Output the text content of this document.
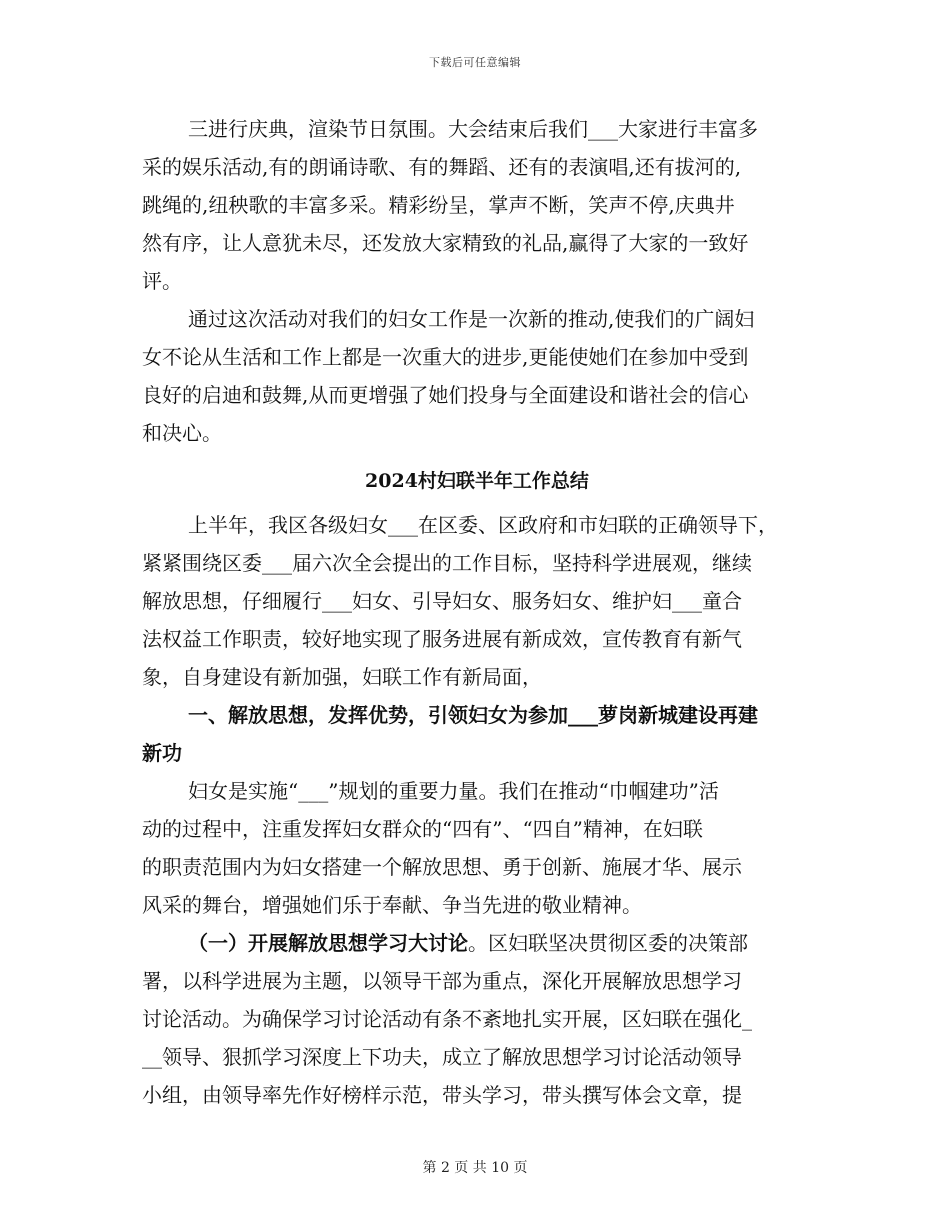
下载后可任意编辑
三进行庆典，渲染节日氛围。大会结束后我们___大家进行丰富多
采的娱乐活动,有的朗诵诗歌、有的舞蹈、还有的表演唱,还有拔河的,
跳绳的,纽秧歌的丰富多采。精彩纷呈，掌声不断，笑声不停,庆典井
然有序，让人意犹未尽，还发放大家精致的礼品,赢得了大家的一致好
评。
通过这次活动对我们的妇女工作是一次新的推动,使我们的广阔妇
女不论从生活和工作上都是一次重大的进步,更能使她们在参加中受到
良好的启迪和鼓舞,从而更增强了她们投身与全面建设和谐社会的信心
和决心。
2024村妇联半年工作总结
上半年，我区各级妇女___在区委、区政府和市妇联的正确领导下，
紧紧围绕区委___届六次全会提出的工作目标，坚持科学进展观，继续
解放思想，仔细履行___妇女、引导妇女、服务妇女、维护妇___童合
法权益工作职责，较好地实现了服务进展有新成效，宣传教育有新气
象，自身建设有新加强，妇联工作有新局面，
一、解放思想，发挥优势，引领妇女为参加___萝岗新城建设再建
新功
妇女是实施“___”规划的重要力量。我们在推动“巾帼建功”活
动的过程中，注重发挥妇女群众的“四有”、“四自”精神，在妇联
的职责范围内为妇女搭建一个解放思想、勇于创新、施展才华、展示
风采的舞台，增强她们乐于奉献、争当先进的敬业精神。
（一）开展解放思想学习大讨论。区妇联坚决贯彻区委的决策部
署，以科学进展为主题，以领导干部为重点，深化开展解放思想学习
讨论活动。为确保学习讨论活动有条不紊地扎实开展，区妇联在强化_
__领导、狠抓学习深度上下功夫，成立了解放思想学习讨论活动领导
小组，由领导率先作好榜样示范，带头学习，带头撰写体会文章，提
第 2 页 共 10 页
